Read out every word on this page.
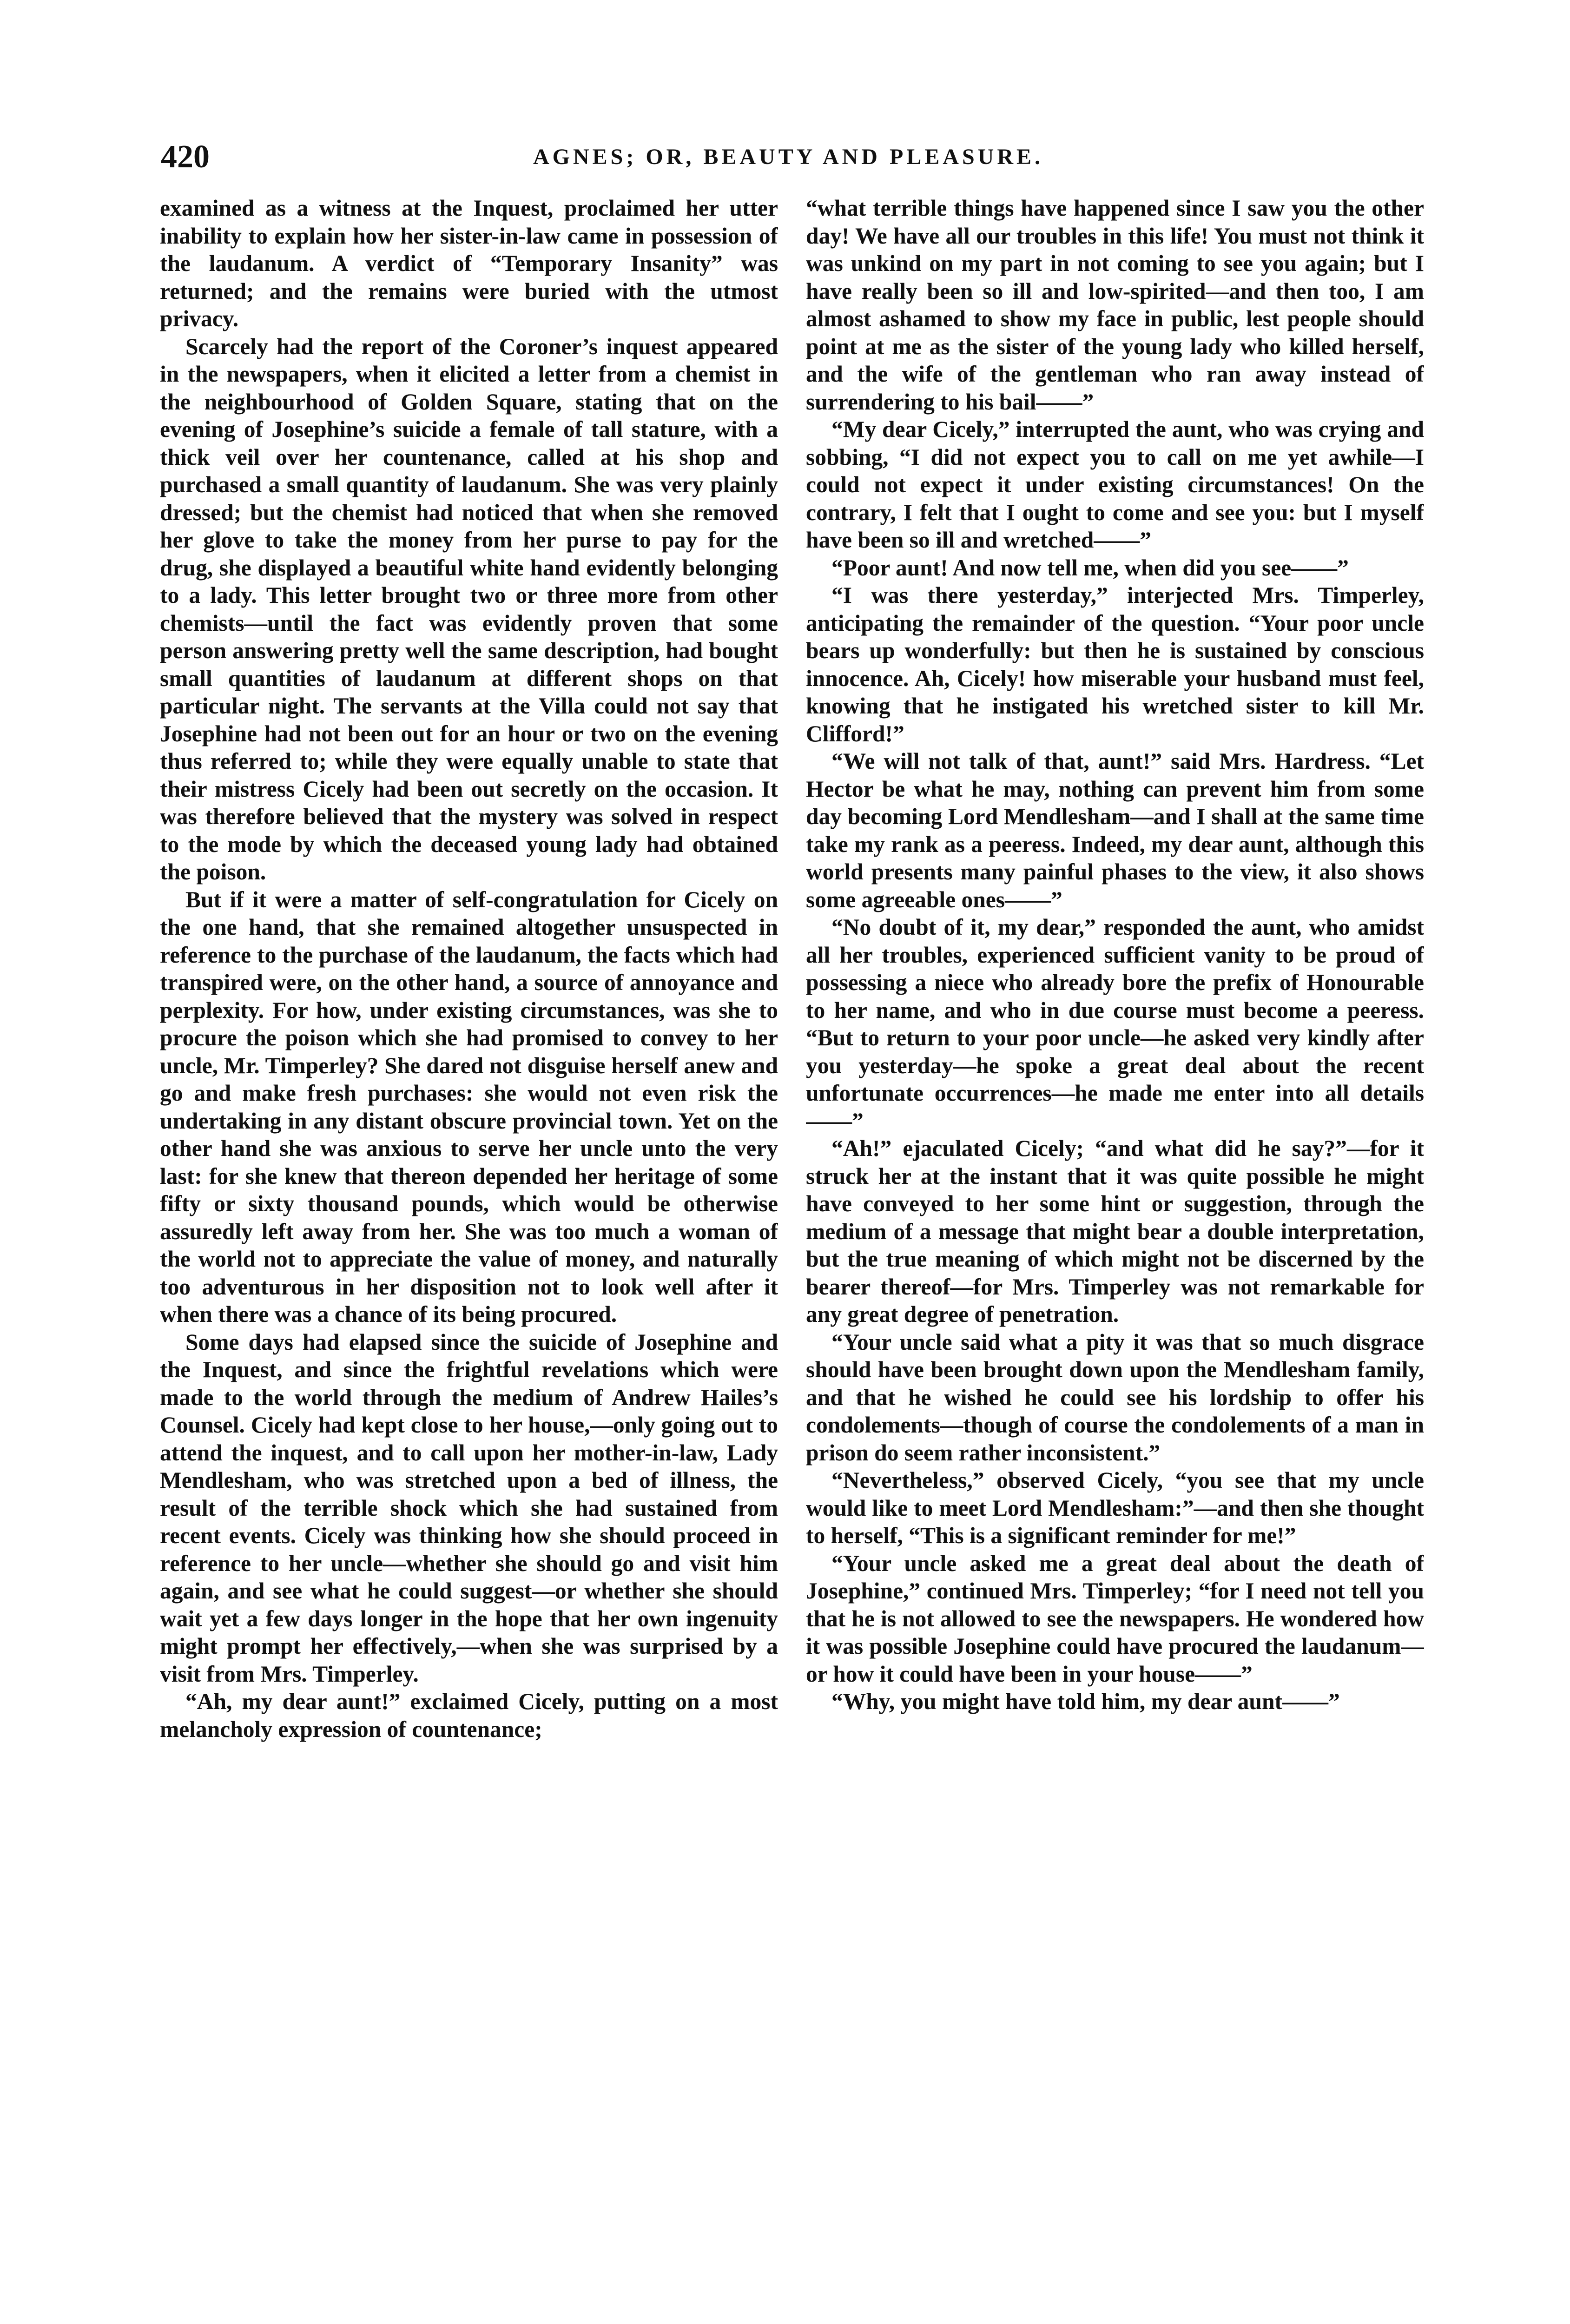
420	AGNES; OR, BEAUTY AND PLEASURE.

examined as a witness at the Inquest, proclaimed her utter inability to explain how her sister-in-law came in possession of the laudanum. A verdict of “Temporary Insanity” was returned; and the remains were buried with the utmost privacy.

Scarcely had the report of the Coroner’s inquest appeared in the newspapers, when it elicited a letter from a chemist in the neighbourhood of Golden Square, stating that on the evening of Josephine’s suicide a female of tall stature, with a thick veil over her countenance, called at his shop and purchased a small quantity of laudanum. She was very plainly dressed; but the chemist had noticed that when she removed her glove to take the money from her purse to pay for the drug, she displayed a beautiful white hand evidently belonging to a lady. This letter brought two or three more from other chemists—until the fact was evidently proven that some person answering pretty well the same description, had bought small quantities of laudanum at different shops on that particular night. The servants at the Villa could not say that Josephine had not been out for an hour or two on the evening thus referred to; while they were equally unable to state that their mistress Cicely had been out secretly on the occasion. It was therefore believed that the mystery was solved in respect to the mode by which the deceased young lady had obtained the poison.

But if it were a matter of self-congratulation for Cicely on the one hand, that she remained altogether unsuspected in reference to the purchase of the laudanum, the facts which had transpired were, on the other hand, a source of annoyance and perplexity. For how, under existing circumstances, was she to procure the poison which she had promised to convey to her uncle, Mr. Timperley? She dared not disguise herself anew and go and make fresh purchases: she would not even risk the undertaking in any distant obscure provincial town. Yet on the other hand she was anxious to serve her uncle unto the very last: for she knew that thereon depended her heritage of some fifty or sixty thousand pounds, which would be otherwise assuredly left away from her. She was too much a woman of the world not to appreciate the value of money, and naturally too adventurous in her disposition not to look well after it when there was a chance of its being procured.

Some days had elapsed since the suicide of Josephine and the Inquest, and since the frightful revelations which were made to the world through the medium of Andrew Hailes’s Counsel. Cicely had kept close to her house,—only going out to attend the inquest, and to call upon her mother-in-law, Lady Mendlesham, who was stretched upon a bed of illness, the result of the terrible shock which she had sustained from recent events. Cicely was thinking how she should proceed in reference to her uncle—whether she should go and visit him again, and see what he could suggest—or whether she should wait yet a few days longer in the hope that her own ingenuity might prompt her effectively,—when she was surprised by a visit from Mrs. Timperley.

“Ah, my dear aunt!” exclaimed Cicely, putting on a most melancholy expression of countenance;

“what terrible things have happened since I saw you the other day! We have all our troubles in this life! You must not think it was unkind on my part in not coming to see you again; but I have really been so ill and low-spirited—and then too, I am almost ashamed to show my face in public, lest people should point at me as the sister of the young lady who killed herself, and the wife of the gentleman who ran away instead of surrendering to his bail——”

“My dear Cicely,” interrupted the aunt, who was crying and sobbing, “I did not expect you to call on me yet awhile—I could not expect it under existing circumstances! On the contrary, I felt that I ought to come and see you: but I myself have been so ill and wretched——”

“Poor aunt! And now tell me, when did you see——”

“I was there yesterday,” interjected Mrs. Timperley, anticipating the remainder of the question. “Your poor uncle bears up wonderfully: but then he is sustained by conscious innocence. Ah, Cicely! how miserable your husband must feel, knowing that he instigated his wretched sister to kill Mr. Clifford!”

“We will not talk of that, aunt!” said Mrs. Hardress. “Let Hector be what he may, nothing can prevent him from some day becoming Lord Mendlesham—and I shall at the same time take my rank as a peeress. Indeed, my dear aunt, although this world presents many painful phases to the view, it also shows some agreeable ones——”

“No doubt of it, my dear,” responded the aunt, who amidst all her troubles, experienced sufficient vanity to be proud of possessing a niece who already bore the prefix of Honourable to her name, and who in due course must become a peeress. “But to return to your poor uncle—he asked very kindly after you yesterday—he spoke a great deal about the recent unfortunate occurrences—he made me enter into all details——”

“Ah!” ejaculated Cicely; “and what did he say?”—for it struck her at the instant that it was quite possible he might have conveyed to her some hint or suggestion, through the medium of a message that might bear a double interpretation, but the true meaning of which might not be discerned by the bearer thereof—for Mrs. Timperley was not remarkable for any great degree of penetration.

“Your uncle said what a pity it was that so much disgrace should have been brought down upon the Mendlesham family, and that he wished he could see his lordship to offer his condolements—though of course the condolements of a man in prison do seem rather inconsistent.”

“Nevertheless,” observed Cicely, “you see that my uncle would like to meet Lord Mendlesham:”—and then she thought to herself, “This is a significant reminder for me!”

“Your uncle asked me a great deal about the death of Josephine,” continued Mrs. Timperley; “for I need not tell you that he is not allowed to see the newspapers. He wondered how it was possible Josephine could have procured the laudanum—or how it could have been in your house——”

“Why, you might have told him, my dear aunt——”
